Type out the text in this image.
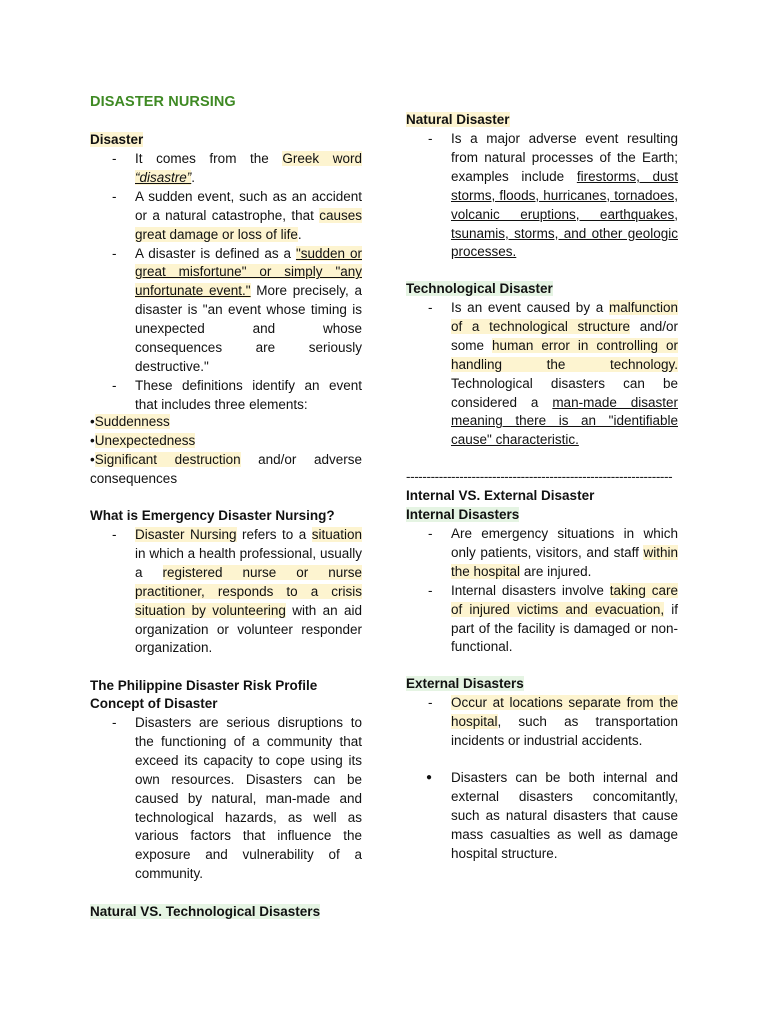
DISASTER NURSING
Disaster
- It comes from the Greek word “disastre”.
- A sudden event, such as an accident or a natural catastrophe, that causes great damage or loss of life.
- A disaster is defined as a "sudden or great misfortune" or simply "any unfortunate event." More precisely, a disaster is "an event whose timing is unexpected and whose consequences are seriously destructive."
- These definitions identify an event that includes three elements:
•Suddenness
•Unexpectedness
•Significant destruction and/or adverse consequences
What is Emergency Disaster Nursing?
- Disaster Nursing refers to a situation in which a health professional, usually a registered nurse or nurse practitioner, responds to a crisis situation by volunteering with an aid organization or volunteer responder organization.
The Philippine Disaster Risk Profile
Concept of Disaster
- Disasters are serious disruptions to the functioning of a community that exceed its capacity to cope using its own resources. Disasters can be caused by natural, man-made and technological hazards, as well as various factors that influence the exposure and vulnerability of a community.
Natural VS. Technological Disasters
Natural Disaster
- Is a major adverse event resulting from natural processes of the Earth; examples include firestorms, dust storms, floods, hurricanes, tornadoes, volcanic eruptions, earthquakes, tsunamis, storms, and other geologic processes.
Technological Disaster
- Is an event caused by a malfunction of a technological structure and/or some human error in controlling or handling the technology. Technological disasters can be considered a man-made disaster meaning there is an "identifiable cause" characteristic.
-----------------------------------------------------------------
Internal VS. External Disaster
Internal Disasters
- Are emergency situations in which only patients, visitors, and staff within the hospital are injured.
- Internal disasters involve taking care of injured victims and evacuation, if part of the facility is damaged or non-functional.
External Disasters
- Occur at locations separate from the hospital, such as transportation incidents or industrial accidents.
● Disasters can be both internal and external disasters concomitantly, such as natural disasters that cause mass casualties as well as damage hospital structure.
